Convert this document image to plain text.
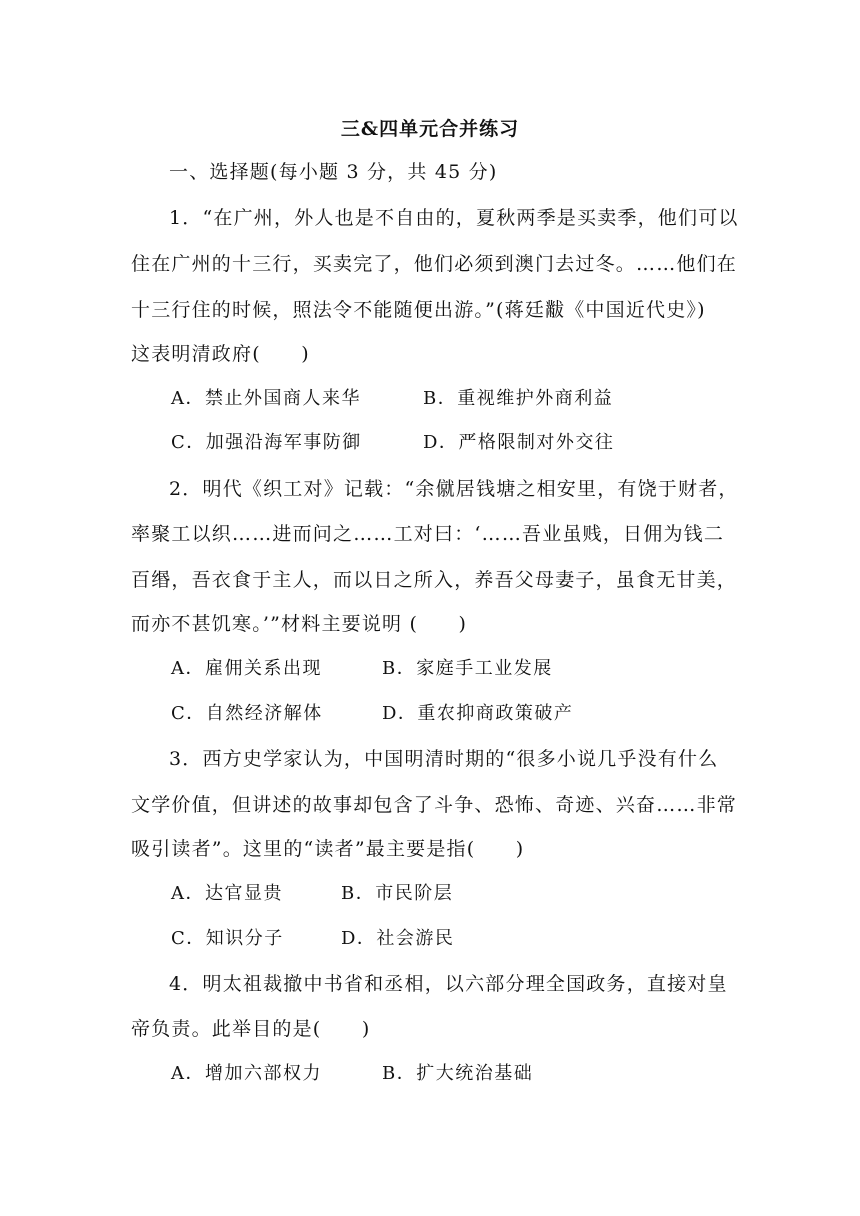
三&四单元合并练习
一、选择题(每小题 3 分，共 45 分)
1．“在广州，外人也是不自由的，夏秋两季是买卖季，他们可以
住在广州的十三行，买卖完了，他们必须到澳门去过冬。……他们在
十三行住的时候，照法令不能随便出游。”(蒋廷黻《中国近代史》)
这表明清政府(　　)
A．禁止外国商人来华	B．重视维护外商利益
C．加强沿海军事防御	D．严格限制对外交往
2．明代《织工对》记载：“余僦居钱塘之相安里，有饶于财者，
率聚工以织……进而问之……工对曰：‘……吾业虽贱，日佣为钱二
百缗，吾衣食于主人，而以日之所入，养吾父母妻子，虽食无甘美，
而亦不甚饥寒。’”材料主要说明 (　　)
A．雇佣关系出现	B．家庭手工业发展
C．自然经济解体	D．重农抑商政策破产
3．西方史学家认为，中国明清时期的“很多小说几乎没有什么
文学价值，但讲述的故事却包含了斗争、恐怖、奇迹、兴奋……非常
吸引读者”。这里的“读者”最主要是指(　　)
A．达官显贵	B．市民阶层
C．知识分子	D．社会游民
4．明太祖裁撤中书省和丞相，以六部分理全国政务，直接对皇
帝负责。此举目的是(　　)
A．增加六部权力	B．扩大统治基础
